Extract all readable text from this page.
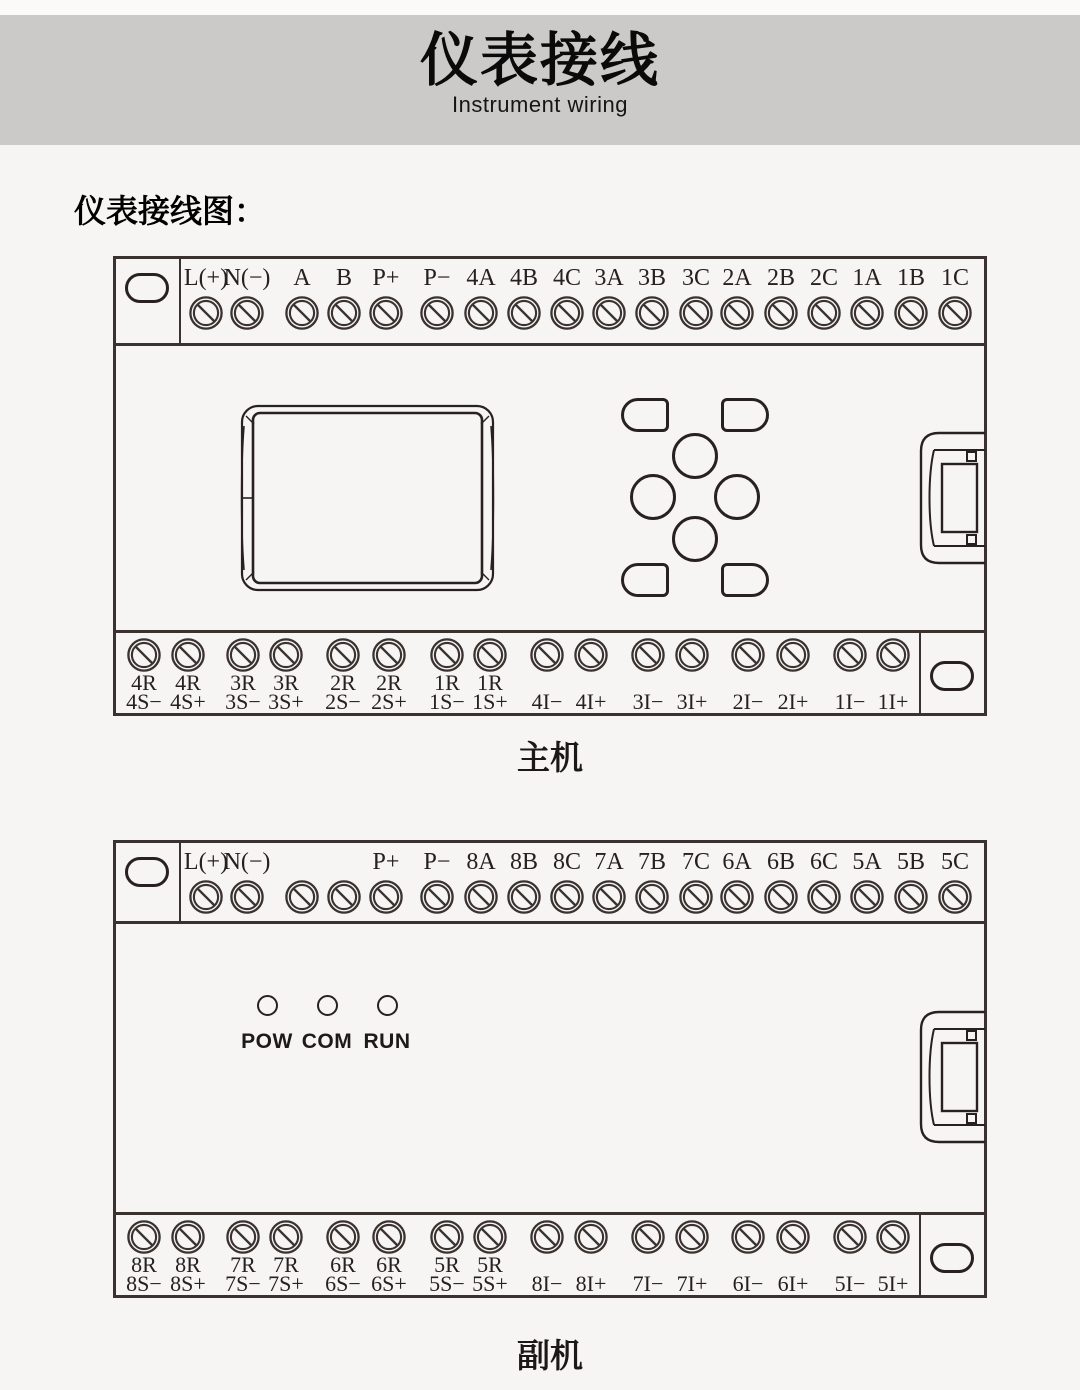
仪表接线
Instrument wiring
仪表接线图：
L(+)
N(−) A	B P+	P− 4A 4B 4C 3A 3B 3C 2A 2B 2C 1A 1B 1C
4R
4S−
4R
4S+
3R
3S−
3R
3S+
2R
2S−
2R
2S+
1R
1S−
1R
1S+	4I− 4I+	3I− 3I+	2I− 2I+	1I− 1I+
主机
L(+)
N(−)	P+	P− 8A 8B 8C 7A 7B 7C 6A 6B 6C 5A 5B 5C
POW COM RUN
8R
8S−
8R
8S+
7R
7S−
7R
7S+
6R
6S−
6R
6S+
5R
5S−
5R
5S+	8I− 8I+	7I− 7I+	6I− 6I+	5I− 5I+
副机
